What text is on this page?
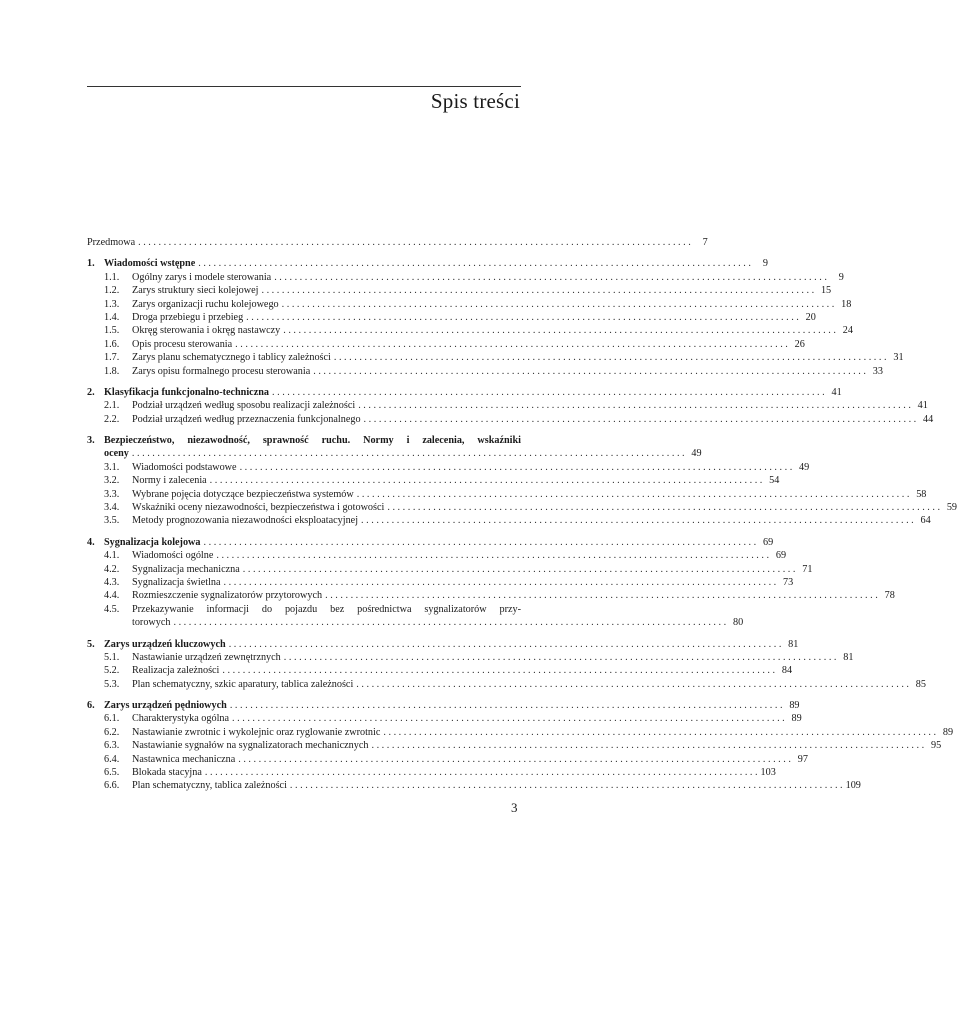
Spis treści
Przedmowa . . .	7
1. Wiadomości wstępne . . .	9
1.1.	Ogólny zarys i modele sterowania . . .	9
1.2.	Zarys struktury sieci kolejowej . . .	15
1.3.	Zarys organizacji ruchu kolejowego . . .	18
1.4.	Droga przebiegu i przebieg . . .	20
1.5.	Okręg sterowania i okręg nastawczy . . .	24
1.6.	Opis procesu sterowania . . .	26
1.7.	Zarys planu schematycznego i tablicy zależności . . .	31
1.8.	Zarys opisu formalnego procesu sterowania . . .	33
2. Klasyfikacja funkcjonalno-techniczna . . .	41
2.1.	Podział urządzeń według sposobu realizacji zależności . . .	41
2.2.	Podział urządzeń według przeznaczenia funkcjonalnego . . .	44
3. Bezpieczeństwo, niezawodność, sprawność ruchu. Normy i zalecenia, wskaźniki
oceny . . .	49
3.1.	Wiadomości podstawowe . . .	49
3.2.	Normy i zalecenia . . .	54
3.3.	Wybrane pojęcia dotyczące bezpieczeństwa systemów . . .	58
3.4.	Wskaźniki oceny niezawodności, bezpieczeństwa i gotowości . . .	59
3.5.	Metody prognozowania niezawodności eksploatacyjnej . . .	64
4. Sygnalizacja kolejowa . . .	69
4.1.	Wiadomości ogólne . . .	69
4.2.	Sygnalizacja mechaniczna . . .	71
4.3.	Sygnalizacja świetlna . . .	73
4.4.	Rozmieszczenie sygnalizatorów przytorowych . . .	78
4.5.	Przekazywanie informacji do pojazdu bez pośrednictwa sygnalizatorów przy-
torowych . . .	80
5. Zarys urządzeń kluczowych . . .	81
5.1.	Nastawianie urządzeń zewnętrznych . . .	81
5.2.	Realizacja zależności . . .	84
5.3.	Plan schematyczny, szkic aparatury, tablica zależności . . .	85
6. Zarys urządzeń pędniowych . . .	89
6.1.	Charakterystyka ogólna . . .	89
6.2.	Nastawianie zwrotnic i wykolejnic oraz ryglowanie zwrotnic . . .	89
6.3.	Nastawianie sygnałów na sygnalizatorach mechanicznych . . .	95
6.4.	Nastawnica mechaniczna . . .	97
6.5.	Blokada stacyjna . . .	103
6.6.	Plan schematyczny, tablica zależności . . .	109
3
